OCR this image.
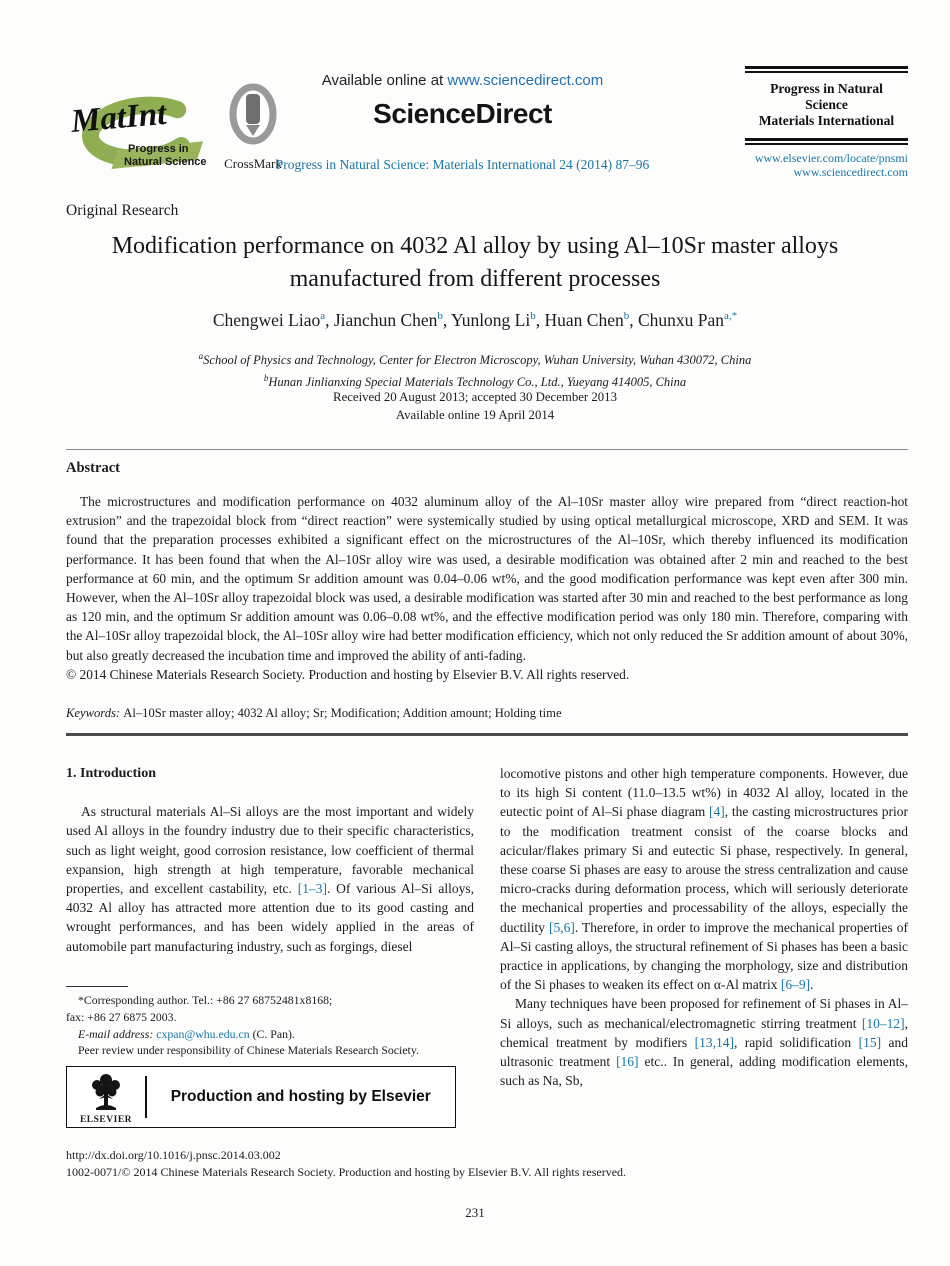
MatInt
Progress in
Natural Science	CrossMark
Available online at www.sciencedirect.com
ScienceDirect
Progress in Natural Science: Materials International 24 (2014) 87–96
Progress in Natural
Science
Materials International
www.elsevier.com/locate/pnsmi
www.sciencedirect.com
Original Research
Modification performance on 4032 Al alloy by using Al–10Sr master alloys
manufactured from different processes
Chengwei Liao$^a$, Jianchun Chen$^b$, Yunlong Li$^b$, Huan Chen$^b$, Chunxu Pan$^{a,*}$
$^a$School of Physics and Technology, Center for Electron Microscopy, Wuhan University, Wuhan 430072, China
$^b$Hunan Jinlianxing Special Materials Technology Co., Ltd., Yueyang 414005, China
Received 20 August 2013; accepted 30 December 2013
Available online 19 April 2014
Abstract
The microstructures and modification performance on 4032 aluminum alloy of the Al–10Sr master alloy wire prepared from “direct reaction-hot extrusion” and the trapezoidal block from “direct reaction” were systemically studied by using optical metallurgical microscope, XRD and SEM. It was found that the preparation processes exhibited a significant effect on the microstructures of the Al–10Sr, which thereby influenced its modification performance. It has been found that when the Al–10Sr alloy wire was used, a desirable modification was obtained after 2 min and reached to the best performance at 60 min, and the optimum Sr addition amount was 0.04–0.06 wt%, and the good modification performance was kept even after 300 min. However, when the Al–10Sr alloy trapezoidal block was used, a desirable modification was started after 30 min and reached to the best performance as long as 120 min, and the optimum Sr addition amount was 0.06–0.08 wt%, and the effective modification period was only 180 min. Therefore, comparing with the Al–10Sr alloy trapezoidal block, the Al–10Sr alloy wire had better modification efficiency, which not only reduced the Sr addition amount of about 30%, but also greatly decreased the incubation time and improved the ability of anti-fading.
© 2014 Chinese Materials Research Society. Production and hosting by Elsevier B.V. All rights reserved.
Keywords: Al–10Sr master alloy; 4032 Al alloy; Sr; Modification; Addition amount; Holding time
1. Introduction
As structural materials Al–Si alloys are the most important and widely used Al alloys in the foundry industry due to their specific characteristics, such as light weight, good corrosion resistance, low coefficient of thermal expansion, high strength at high temperature, favorable mechanical properties, and excellent castability, etc. [1–3]. Of various Al–Si alloys, 4032 Al alloy has attracted more attention due to its good casting and wrought performances, and has been widely applied in the areas of automobile part manufacturing industry, such as forgings, diesel
locomotive pistons and other high temperature components. However, due to its high Si content (11.0–13.5 wt%) in 4032 Al alloy, located in the eutectic point of Al–Si phase diagram [4], the casting microstructures prior to the modification treatment consist of the coarse blocks and acicular/flakes primary Si and eutectic Si phase, respectively. In general, these coarse Si phases are easy to arouse the stress centralization and cause micro-cracks during deformation process, which will seriously deteriorate the mechanical properties and processability of the alloys, especially the ductility [5,6]. Therefore, in order to improve the mechanical properties of Al–Si casting alloys, the structural refinement of Si phases has been a basic practice in applications, by changing the morphology, size and distribution of the Si phases to weaken its effect on α-Al matrix [6–9].
Many techniques have been proposed for refinement of Si phases in Al–Si alloys, such as mechanical/electromagnetic stirring treatment [10–12], chemical treatment by modifiers [13,14], rapid solidification [15] and ultrasonic treatment [16] etc.. In general, adding modification elements, such as Na, Sb,
*Corresponding author. Tel.: +86 27 68752481x8168;
fax: +86 27 6875 2003.
E-mail address: cxpan@whu.edu.cn (C. Pan).
Peer review under responsibility of Chinese Materials Research Society.
ELSEVIER
Production and hosting by Elsevier
http://dx.doi.org/10.1016/j.pnsc.2014.03.002
1002-0071/© 2014 Chinese Materials Research Society. Production and hosting by Elsevier B.V. All rights reserved.
231
